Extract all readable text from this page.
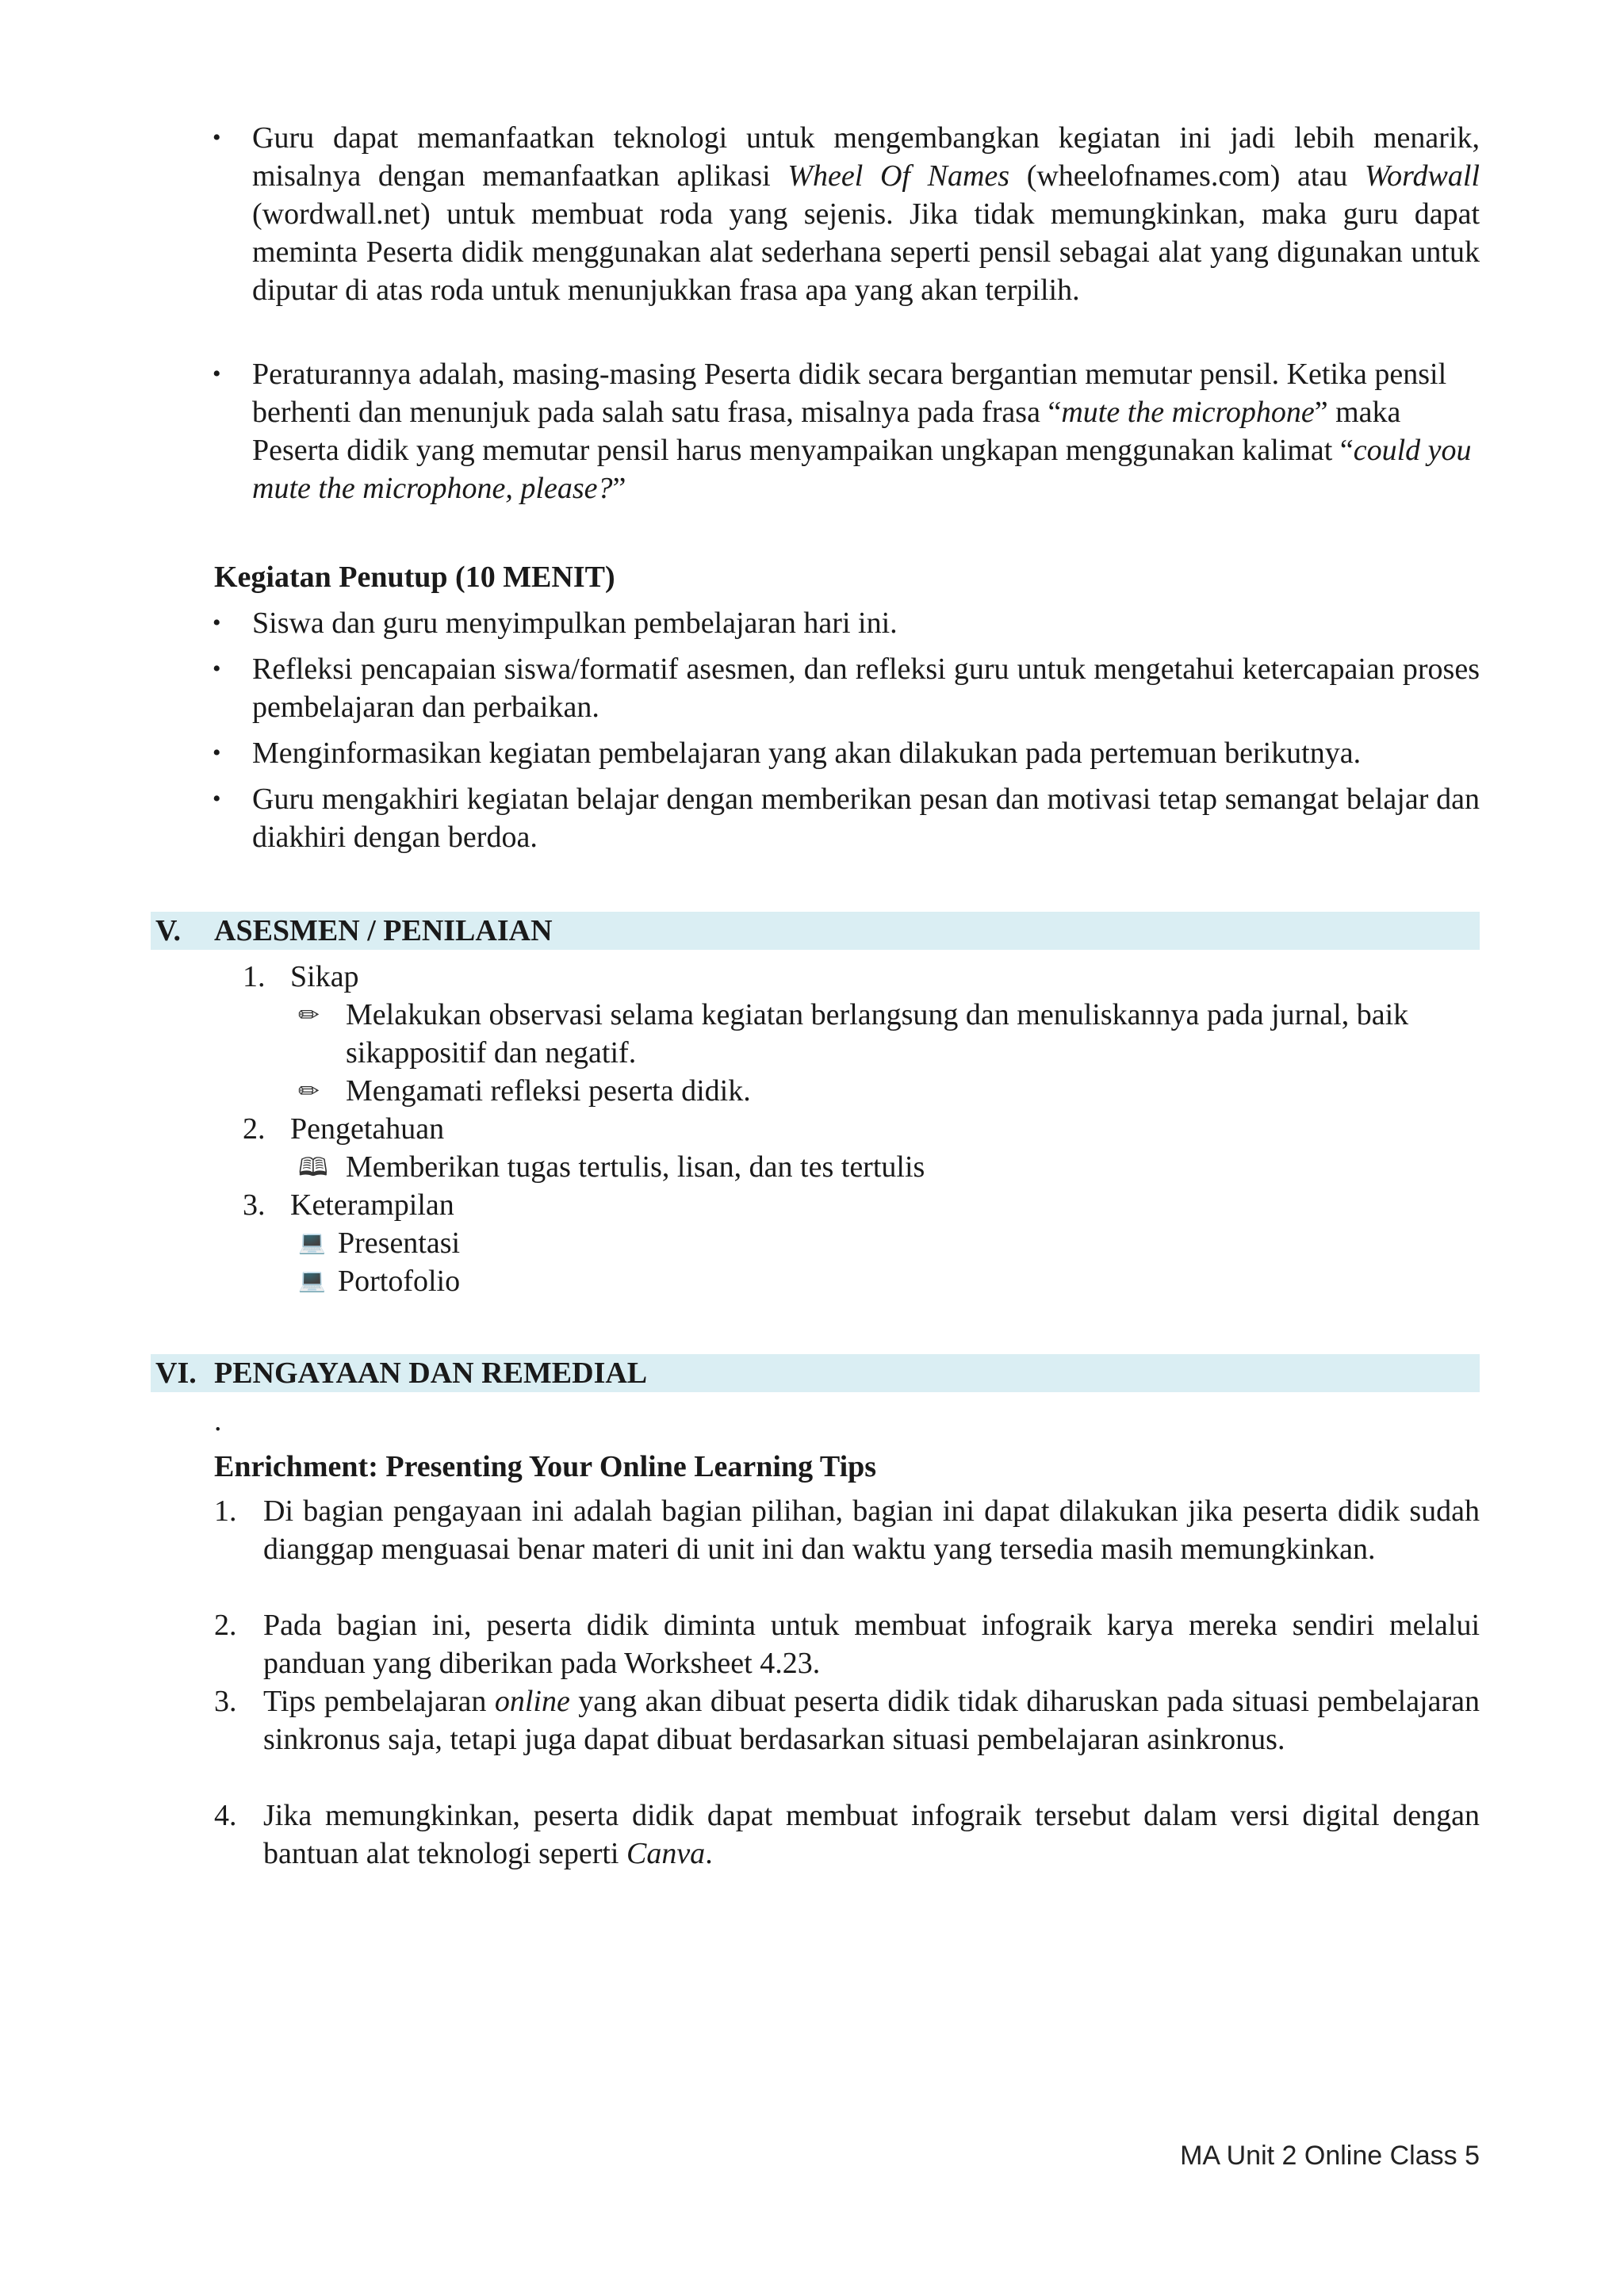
•	Guru dapat memanfaatkan teknologi untuk mengembangkan kegiatan ini jadi lebih menarik, misalnya dengan memanfaatkan aplikasi Wheel Of Names (wheelofnames.com) atau Wordwall (wordwall.net) untuk membuat roda yang sejenis. Jika tidak memungkinkan, maka guru dapat meminta Peserta didik menggunakan alat sederhana seperti pensil sebagai alat yang digunakan untuk diputar di atas roda untuk menunjukkan frasa apa yang akan terpilih.
•	Peraturannya adalah, masing-masing Peserta didik secara bergantian memutar pensil. Ketika pensil berhenti dan menunjuk pada salah satu frasa, misalnya pada frasa “mute the microphone” maka Peserta didik yang memutar pensil harus menyampaikan ungkapan menggunakan kalimat “could you mute the microphone, please?”
Kegiatan Penutup (10 MENIT)
•	Siswa dan guru menyimpulkan pembelajaran hari ini.
•	Refleksi pencapaian siswa/formatif asesmen, dan refleksi guru untuk mengetahui ketercapaian proses pembelajaran dan perbaikan.
•	Menginformasikan kegiatan pembelajaran yang akan dilakukan pada pertemuan berikutnya.
•	Guru mengakhiri kegiatan belajar dengan memberikan pesan dan motivasi tetap semangat belajar dan diakhiri dengan berdoa.
V. ASESMEN / PENILAIAN
1. Sikap
✏ Melakukan observasi selama kegiatan berlangsung dan menuliskannya pada jurnal, baik sikappositif dan negatif.
✏ Mengamati refleksi peserta didik.
2. Pengetahuan
🕮 Memberikan tugas tertulis, lisan, dan tes tertulis
3. Keterampilan
💻 Presentasi
💻 Portofolio
VI. PENGAYAAN DAN REMEDIAL
.
Enrichment: Presenting Your Online Learning Tips
1. Di bagian pengayaan ini adalah bagian pilihan, bagian ini dapat dilakukan jika peserta didik sudah dianggap menguasai benar materi di unit ini dan waktu yang tersedia masih memungkinkan.
2. Pada bagian ini, peserta didik diminta untuk membuat infograik karya mereka sendiri melalui panduan yang diberikan pada Worksheet 4.23.
3. Tips pembelajaran online yang akan dibuat peserta didik tidak diharuskan pada situasi pembelajaran sinkronus saja, tetapi juga dapat dibuat berdasarkan situasi pembelajaran asinkronus.
4. Jika memungkinkan, peserta didik dapat membuat infograik tersebut dalam versi digital dengan bantuan alat teknologi seperti Canva.
MA Unit 2 Online Class 5
